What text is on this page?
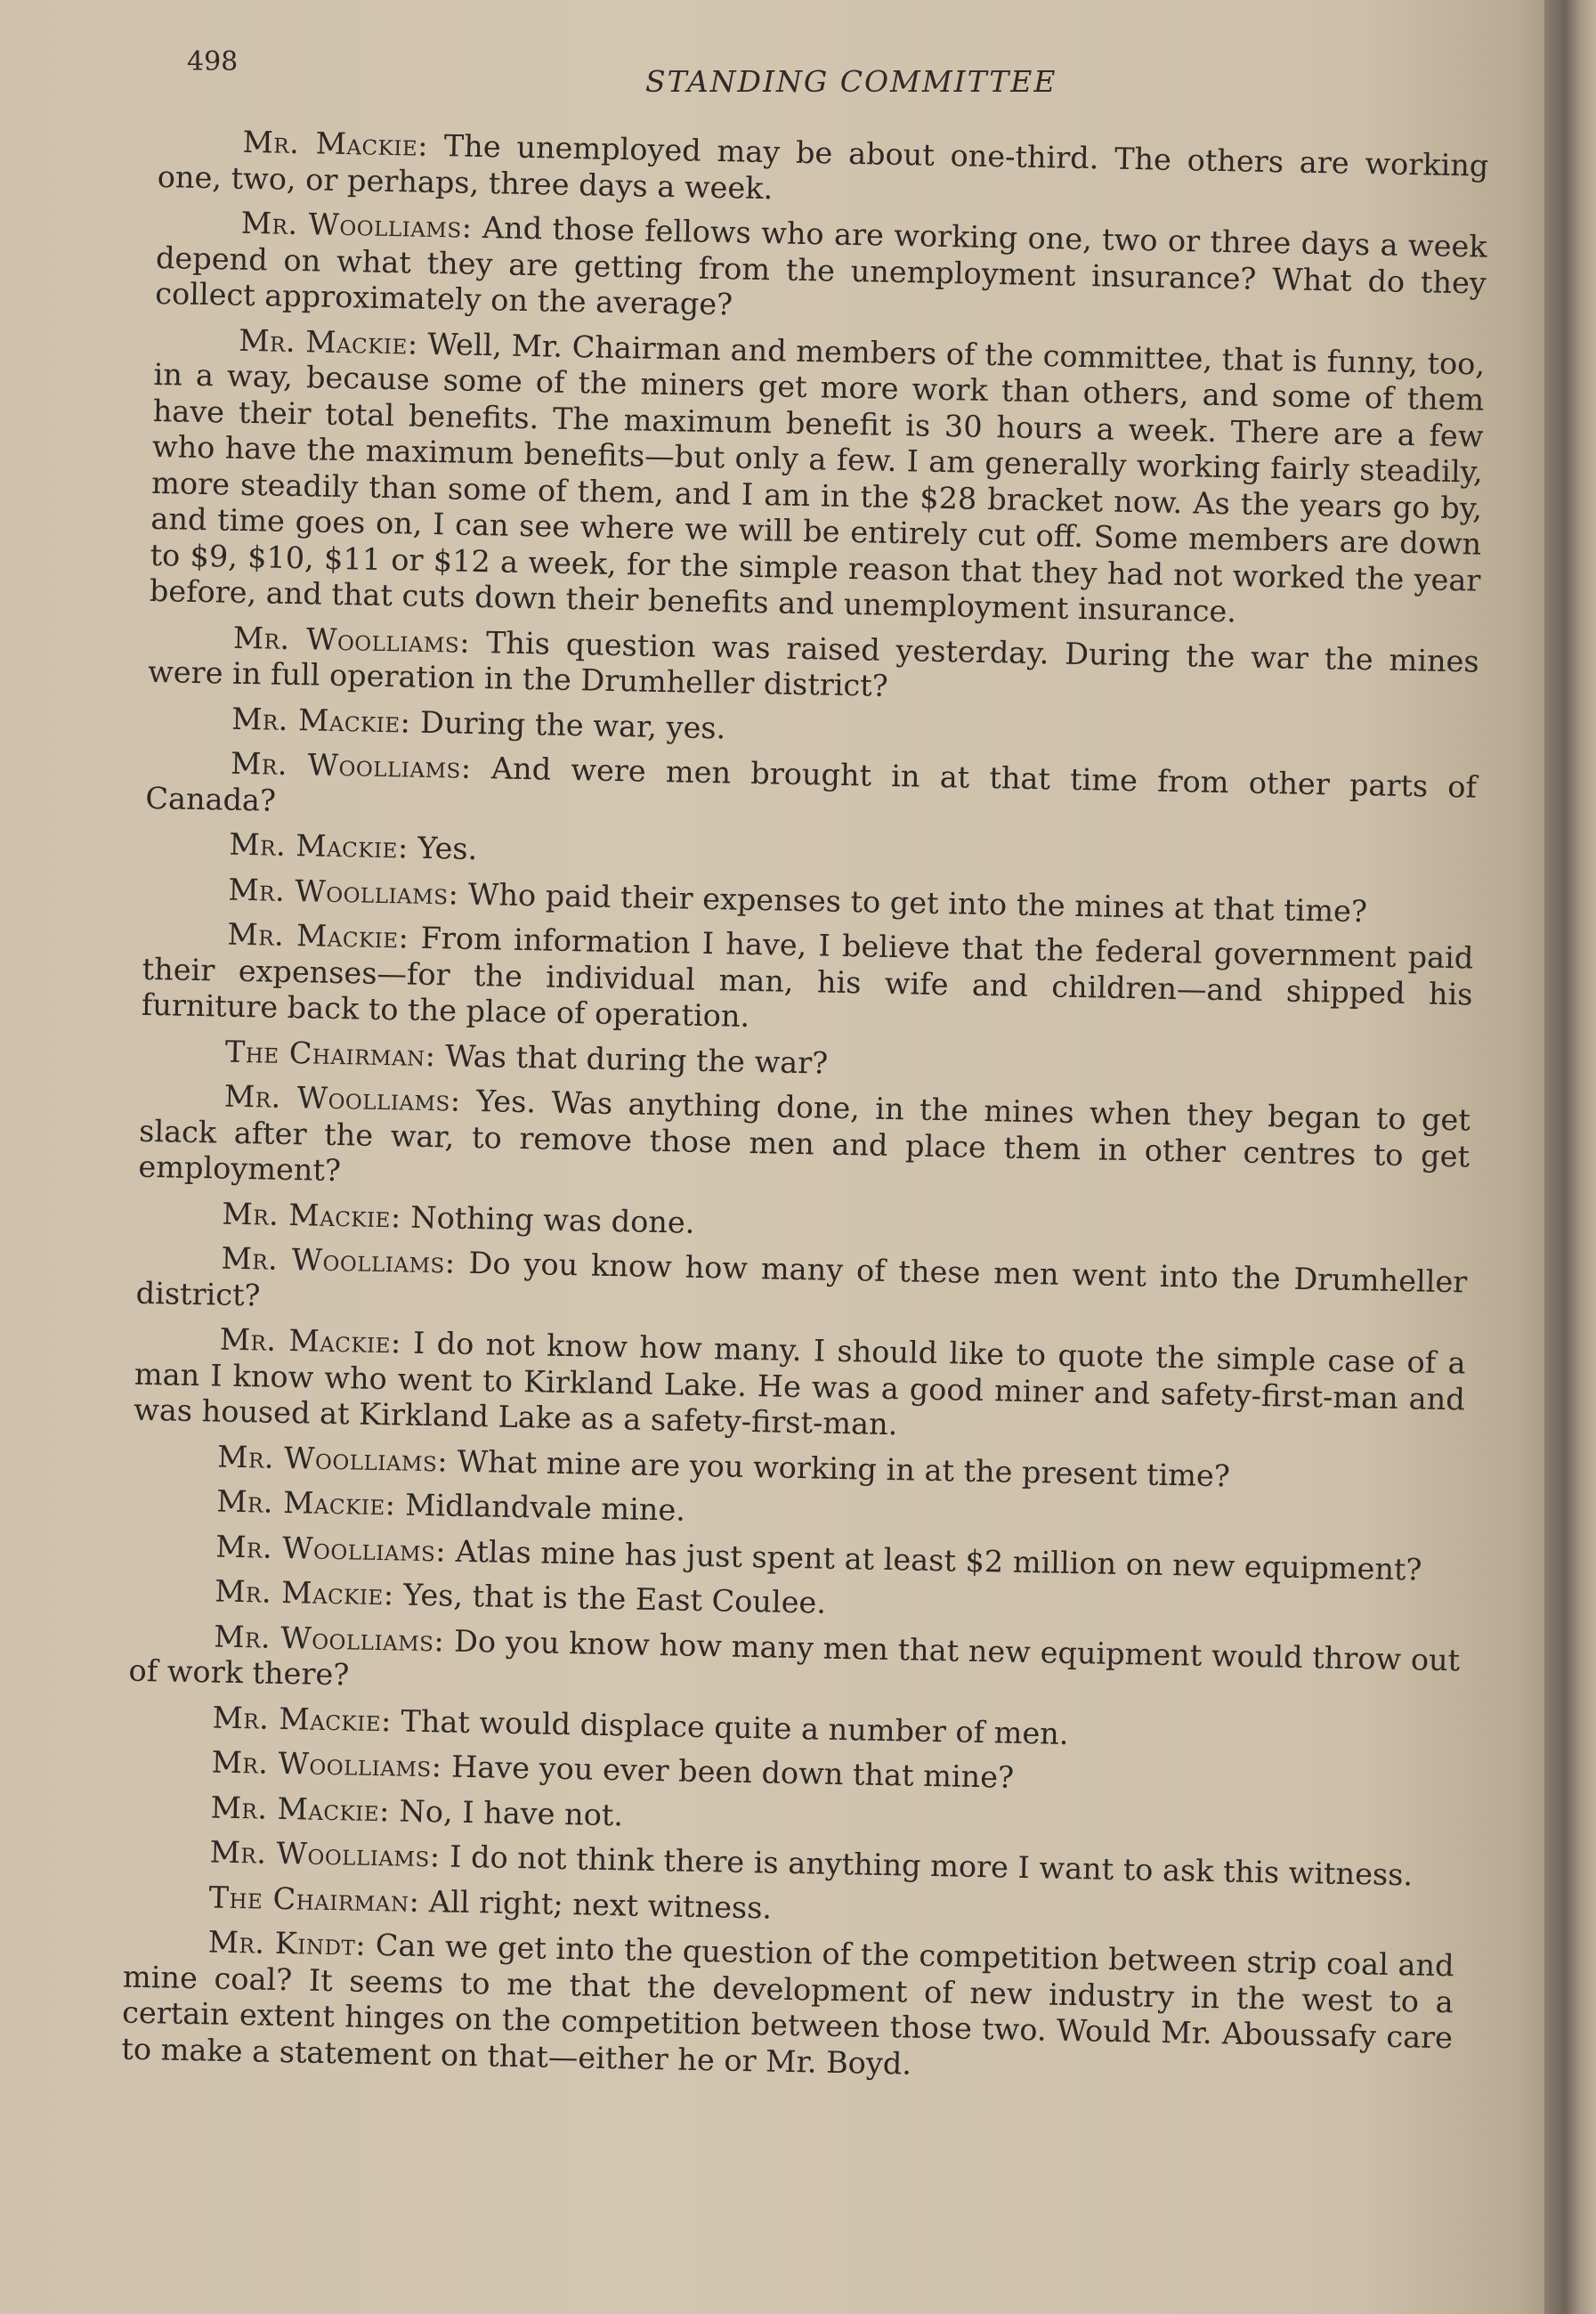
498
STANDING COMMITTEE

Mr. Mackie: The unemployed may be about one-third. The others are working one, two, or perhaps, three days a week.

Mr. Woolliams: And those fellows who are working one, two or three days a week depend on what they are getting from the unemployment insurance? What do they collect approximately on the average?

Mr. Mackie: Well, Mr. Chairman and members of the committee, that is funny, too, in a way, because some of the miners get more work than others, and some of them have their total benefits. The maximum benefit is 30 hours a week. There are a few who have the maximum benefits—but only a few. I am generally working fairly steadily, more steadily than some of them, and I am in the $28 bracket now. As the years go by, and time goes on, I can see where we will be entirely cut off. Some members are down to $9, $10, $11 or $12 a week, for the simple reason that they had not worked the year before, and that cuts down their benefits and unemployment insurance.

Mr. Woolliams: This question was raised yesterday. During the war the mines were in full operation in the Drumheller district?

Mr. Mackie: During the war, yes.

Mr. Woolliams: And were men brought in at that time from other parts of Canada?

Mr. Mackie: Yes.

Mr. Woolliams: Who paid their expenses to get into the mines at that time?

Mr. Mackie: From information I have, I believe that the federal government paid their expenses—for the individual man, his wife and children—and shipped his furniture back to the place of operation.

The Chairman: Was that during the war?

Mr. Woolliams: Yes. Was anything done, in the mines when they began to get slack after the war, to remove those men and place them in other centres to get employment?

Mr. Mackie: Nothing was done.

Mr. Woolliams: Do you know how many of these men went into the Drumheller district?

Mr. Mackie: I do not know how many. I should like to quote the simple case of a man I know who went to Kirkland Lake. He was a good miner and safety-first-man and was housed at Kirkland Lake as a safety-first-man.

Mr. Woolliams: What mine are you working in at the present time?

Mr. Mackie: Midlandvale mine.

Mr. Woolliams: Atlas mine has just spent at least $2 million on new equipment?

Mr. Mackie: Yes, that is the East Coulee.

Mr. Woolliams: Do you know how many men that new equipment would throw out of work there?

Mr. Mackie: That would displace quite a number of men.

Mr. Woolliams: Have you ever been down that mine?

Mr. Mackie: No, I have not.

Mr. Woolliams: I do not think there is anything more I want to ask this witness.

The Chairman: All right; next witness.

Mr. Kindt: Can we get into the question of the competition between strip coal and mine coal? It seems to me that the development of new industry in the west to a certain extent hinges on the competition between those two. Would Mr. Aboussafy care to make a statement on that—either he or Mr. Boyd.
